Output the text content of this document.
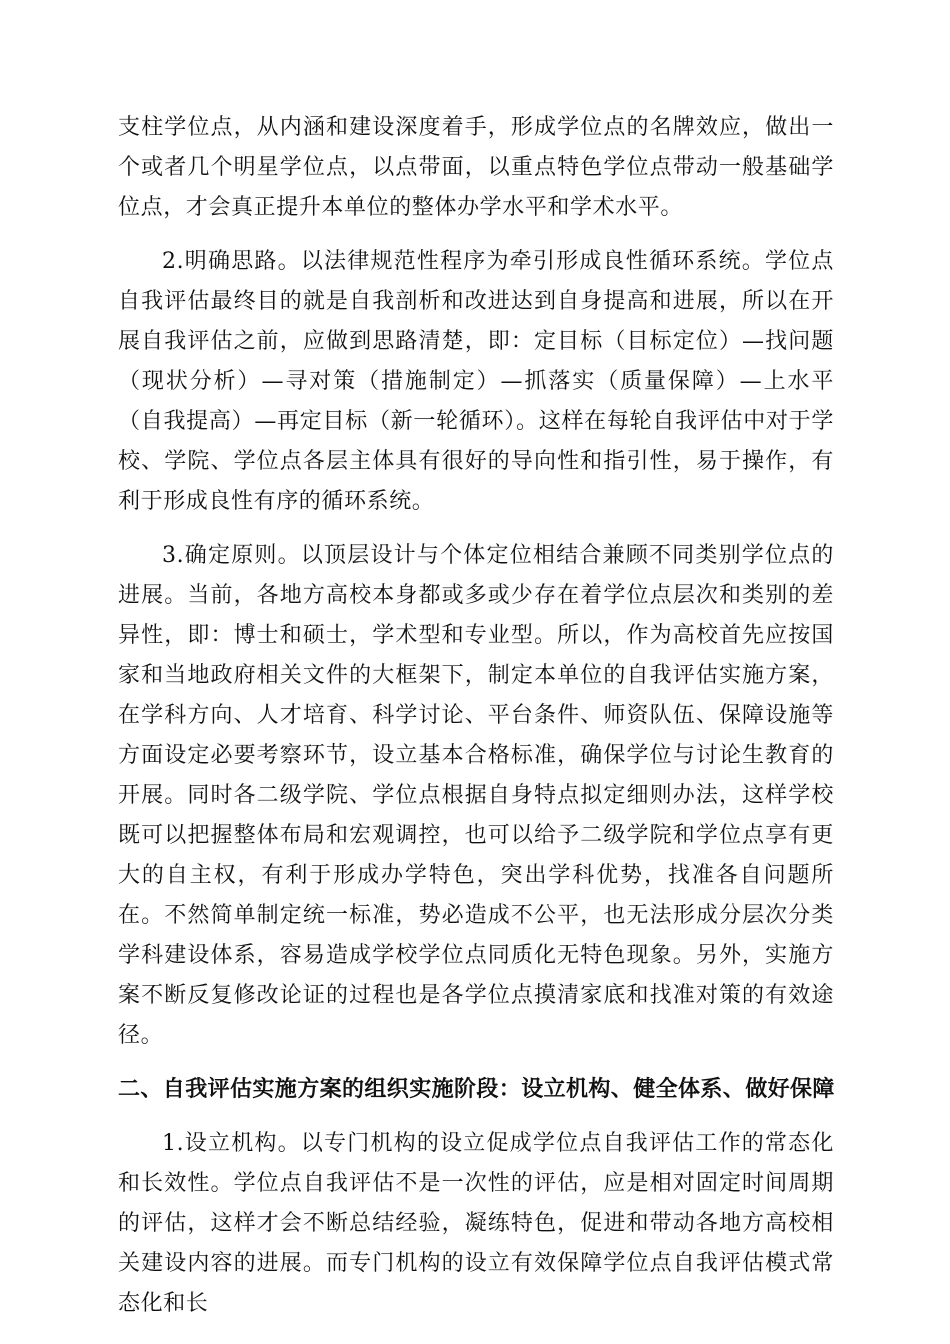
支柱学位点，从内涵和建设深度着手，形成学位点的名牌效应，做出一个或者几个明星学位点，以点带面，以重点特色学位点带动一般基础学位点，才会真正提升本单位的整体办学水平和学术水平。

2.明确思路。以法律规范性程序为牵引形成良性循环系统。学位点自我评估最终目的就是自我剖析和改进达到自身提高和进展，所以在开展自我评估之前，应做到思路清楚，即：定目标（目标定位）—找问题（现状分析）—寻对策（措施制定）—抓落实（质量保障）—上水平（自我提高）—再定目标（新一轮循环）。这样在每轮自我评估中对于学校、学院、学位点各层主体具有很好的导向性和指引性，易于操作，有利于形成良性有序的循环系统。

3.确定原则。以顶层设计与个体定位相结合兼顾不同类别学位点的进展。当前，各地方高校本身都或多或少存在着学位点层次和类别的差异性，即：博士和硕士，学术型和专业型。所以，作为高校首先应按国家和当地政府相关文件的大框架下，制定本单位的自我评估实施方案，在学科方向、人才培育、科学讨论、平台条件、师资队伍、保障设施等方面设定必要考察环节，设立基本合格标准，确保学位与讨论生教育的开展。同时各二级学院、学位点根据自身特点拟定细则办法，这样学校既可以把握整体布局和宏观调控，也可以给予二级学院和学位点享有更大的自主权，有利于形成办学特色，突出学科优势，找准各自问题所在。不然简单制定统一标准，势必造成不公平，也无法形成分层次分类学科建设体系，容易造成学校学位点同质化无特色现象。另外，实施方案不断反复修改论证的过程也是各学位点摸清家底和找准对策的有效途径。

二、自我评估实施方案的组织实施阶段：设立机构、健全体系、做好保障

1.设立机构。以专门机构的设立促成学位点自我评估工作的常态化和长效性。学位点自我评估不是一次性的评估，应是相对固定时间周期的评估，这样才会不断总结经验，凝练特色，促进和带动各地方高校相关建设内容的进展。而专门机构的设立有效保障学位点自我评估模式常态化和长
